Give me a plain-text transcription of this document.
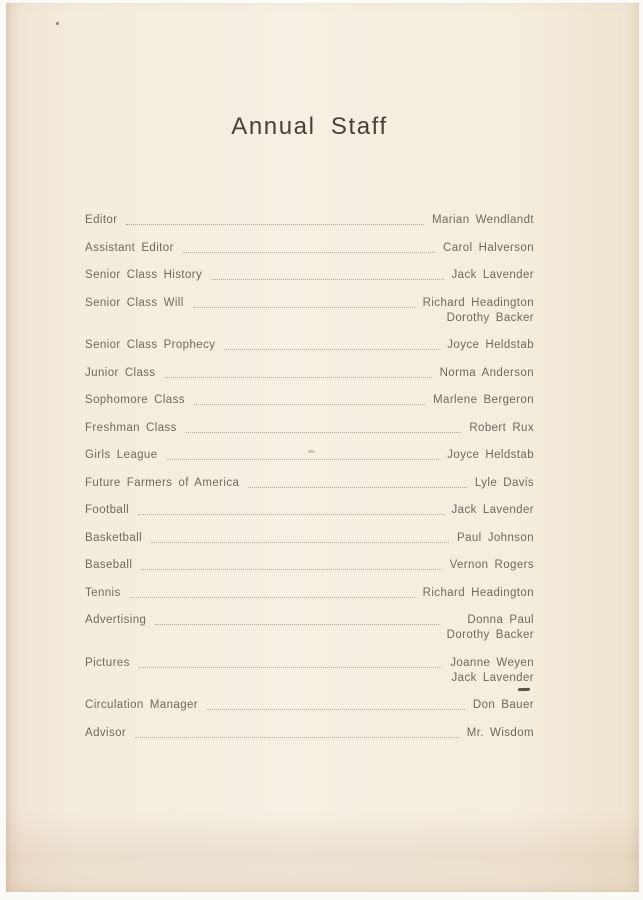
Annual Staff
Editor	Marian Wendlandt
Assistant Editor	Carol Halverson
Senior Class History	Jack Lavender
Senior Class Will	Richard Headington
Dorothy Backer
Senior Class Prophecy	Joyce Heldstab
Junior Class	Norma Anderson
Sophomore Class	Marlene Bergeron
Freshman Class	Robert Rux
Girls League	Joyce Heldstab
Future Farmers of America	Lyle Davis
Football	Jack Lavender
Basketball	Paul Johnson
Baseball	Vernon Rogers
Tennis	Richard Headington
Advertising	Donna Paul
Dorothy Backer
Pictures	Joanne Weyen
Jack Lavender
Circulation Manager	Don Bauer
Advisor	Mr. Wisdom
